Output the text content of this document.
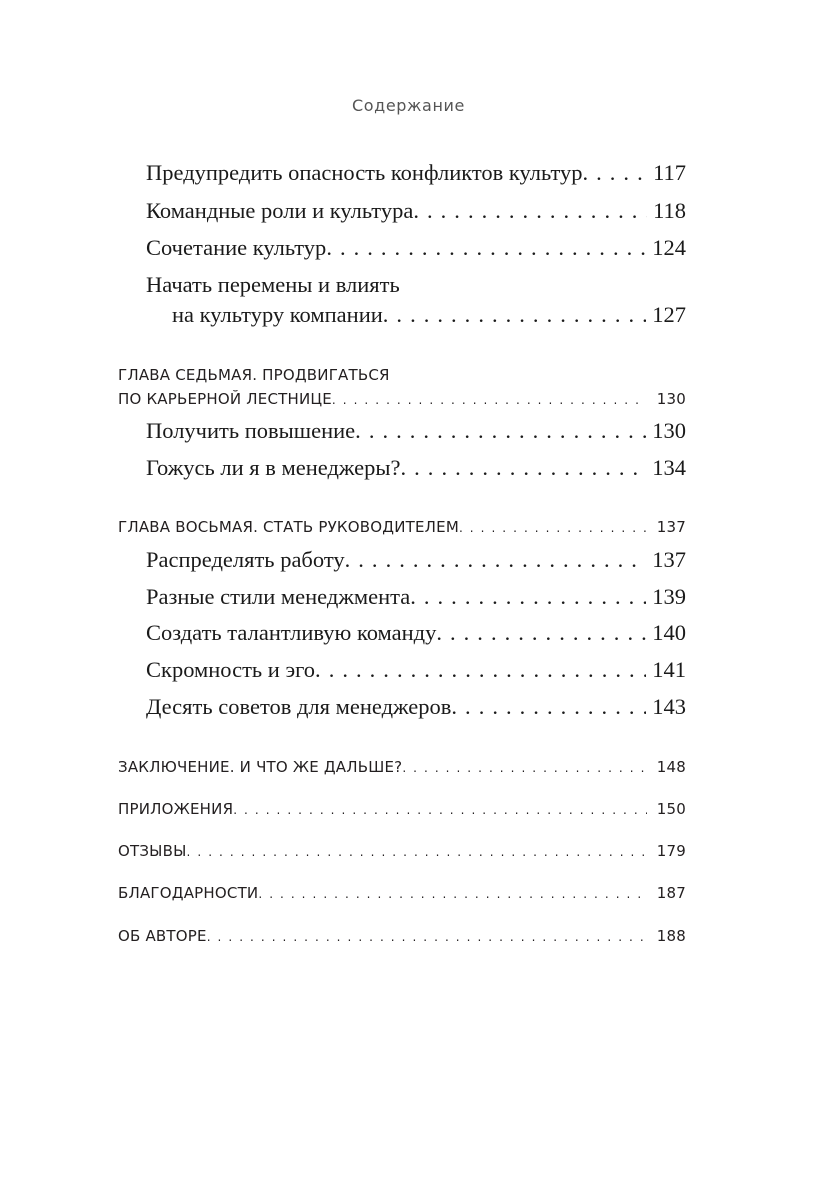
Содержание
Предупредить опасность конфликтов культур . . .	117
Командные роли и культура . . .	118
Сочетание культур . . .	124
Начать перемены и влиять
на культуру компании . . .	127
ГЛАВА СЕДЬМАЯ. ПРОДВИГАТЬСЯ
ПО КАРЬЕРНОЙ ЛЕСТНИЦЕ . . .	130
Получить повышение . . .	130
Гожусь ли я в менеджеры? . . .	134
ГЛАВА ВОСЬМАЯ. СТАТЬ РУКОВОДИТЕЛЕМ . . .	137
Распределять работу . . .	137
Разные стили менеджмента . . .	139
Создать талантливую команду . . .	140
Скромность и эго . . .	141
Десять советов для менеджеров . . .	143
ЗАКЛЮЧЕНИЕ. И ЧТО ЖЕ ДАЛЬШЕ? . . .	148
ПРИЛОЖЕНИЯ . . .	150
ОТЗЫВЫ . . .	179
БЛАГОДАРНОСТИ . . .	187
ОБ АВТОРЕ . . .	188
